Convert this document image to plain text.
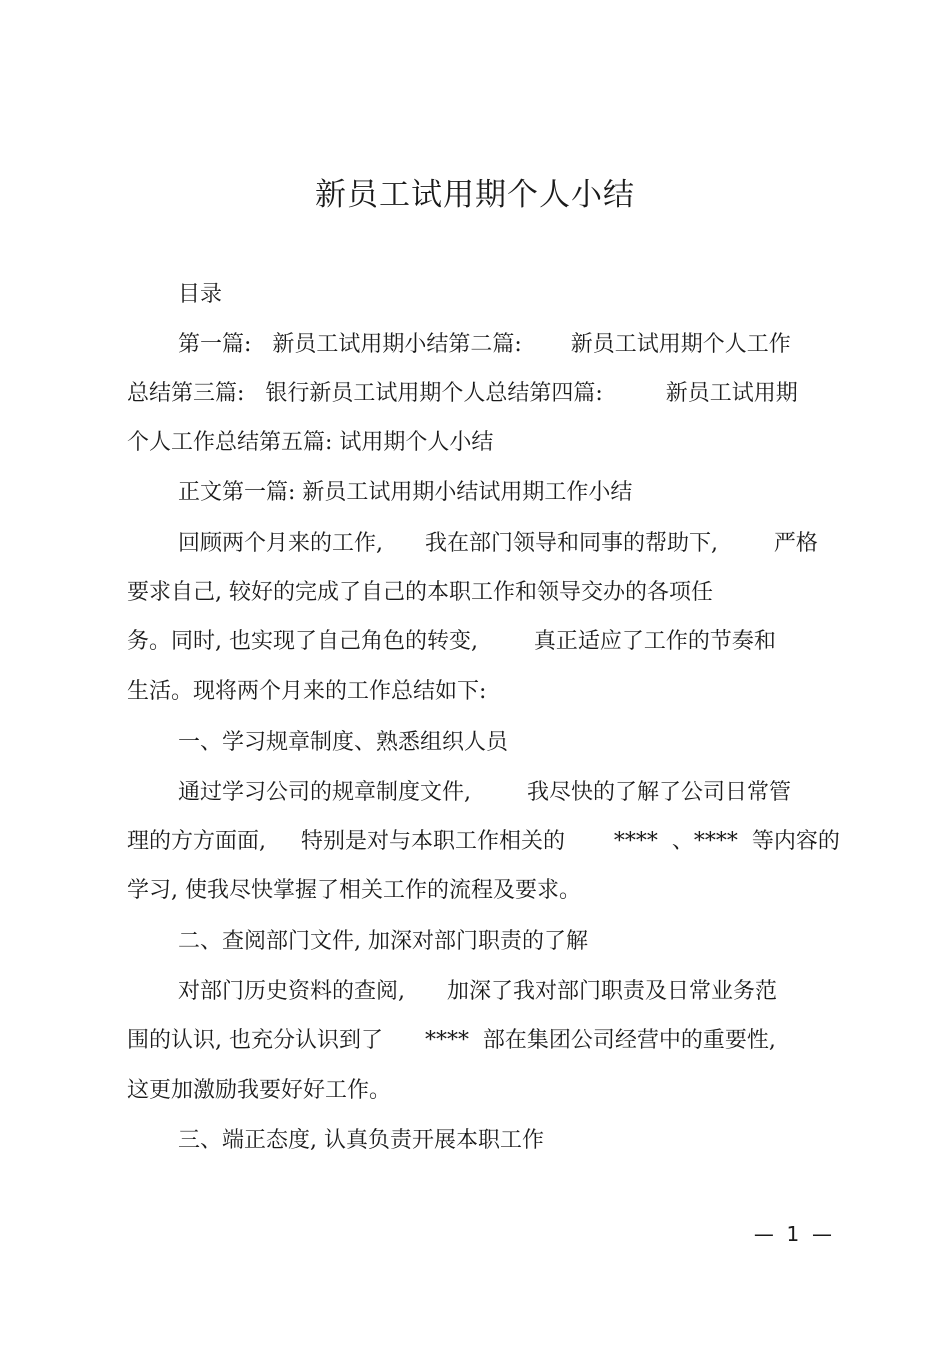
新员工试用期个人小结
目录
第一篇:   新员工试用期小结第二篇:       新员工试用期个人工作
总结第三篇:   银行新员工试用期个人总结第四篇:         新员工试用期
个人工作总结第五篇: 试用期个人小结
正文第一篇: 新员工试用期小结试用期工作小结
回顾两个月来的工作,      我在部门领导和同事的帮助下,        严格
要求自己, 较好的完成了自己的本职工作和领导交办的各项任
务。同时, 也实现了自己角色的转变,        真正适应了工作的节奏和
生活。现将两个月来的工作总结如下:
一、学习规章制度、熟悉组织人员
通过学习公司的规章制度文件,        我尽快的了解了公司日常管
理的方方面面,     特别是对与本职工作相关的       ****  、****  等内容的
学习, 使我尽快掌握了相关工作的流程及要求。
二、查阅部门文件, 加深对部门职责的了解
对部门历史资料的查阅,      加深了我对部门职责及日常业务范
围的认识, 也充分认识到了      ****  部在集团公司经营中的重要性,
这更加激励我要好好工作。
三、端正态度, 认真负责开展本职工作
—  1  —
